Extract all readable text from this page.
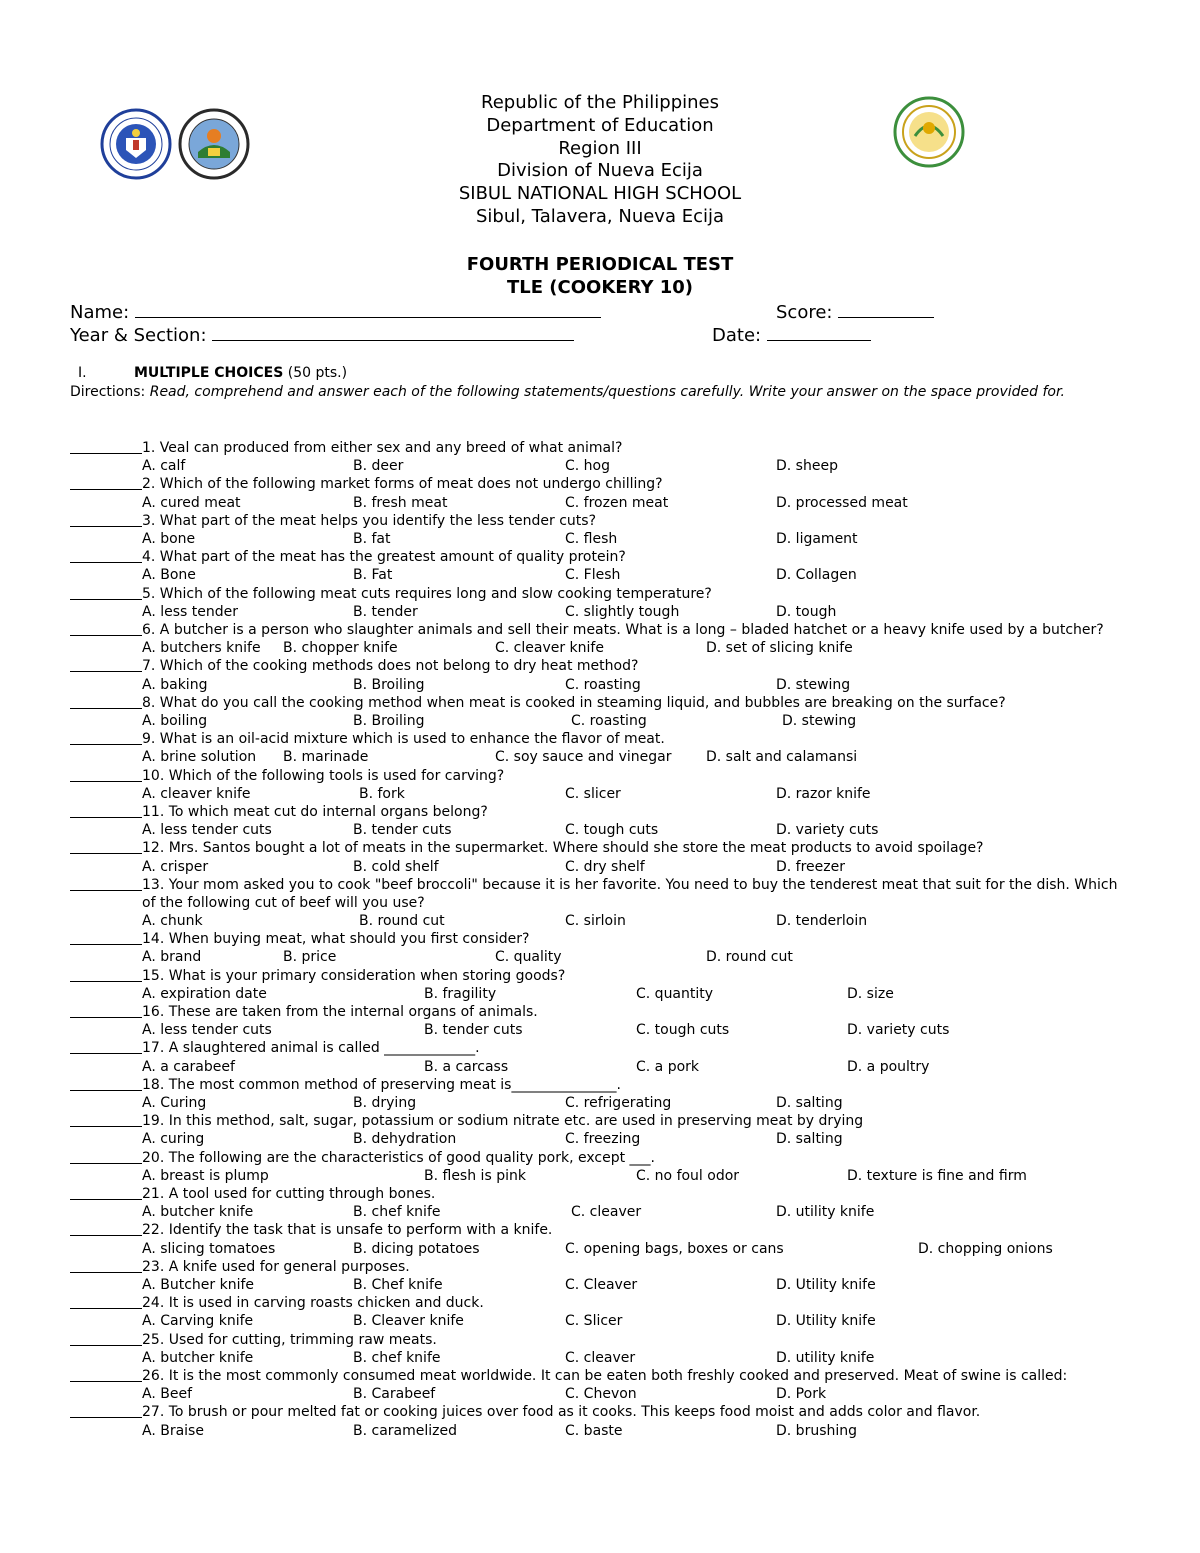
Republic of the Philippines
Department of Education
Region III
Division of Nueva Ecija
SIBUL NATIONAL HIGH SCHOOL
Sibul, Talavera, Nueva Ecija
FOURTH PERIODICAL TEST
TLE (COOKERY 10)
Name:	Score:
Year & Section:	Date:
I.	MULTIPLE CHOICES (50 pts.)
Directions: Read, comprehend and answer each of the following statements/questions carefully. Write your answer on the space provided for.
1. Veal can produced from either sex and any breed of what animal?
A. calf	B. deer	C. hog	D. sheep
2. Which of the following market forms of meat does not undergo chilling?
A. cured meat	B. fresh meat	C. frozen meat	D. processed meat
3. What part of the meat helps you identify the less tender cuts?
A. bone	B. fat	C. flesh	D. ligament
4. What part of the meat has the greatest amount of quality protein?
A. Bone	B. Fat	C. Flesh	D. Collagen
5. Which of the following meat cuts requires long and slow cooking temperature?
A. less tender	B. tender	C. slightly tough	D. tough
6. A butcher is a person who slaughter animals and sell their meats. What is a long – bladed hatchet or a heavy knife used by a butcher?
A. butchers knife B. chopper knife	C. cleaver knife	D. set of slicing knife
7. Which of the cooking methods does not belong to dry heat method?
A. baking	B. Broiling	C. roasting	D. stewing
8. What do you call the cooking method when meat is cooked in steaming liquid, and bubbles are breaking on the surface?
A. boiling	B. Broiling	C. roasting	D. stewing
9. What is an oil-acid mixture which is used to enhance the flavor of meat.
A. brine solution B. marinade	C. soy sauce and vinegar D. salt and calamansi
10. Which of the following tools is used for carving?
A. cleaver knife	B. fork	C. slicer	D. razor knife
11. To which meat cut do internal organs belong?
A. less tender cuts	B. tender cuts	C. tough cuts	D. variety cuts
12. Mrs. Santos bought a lot of meats in the supermarket. Where should she store the meat products to avoid spoilage?
A. crisper	B. cold shelf	C. dry shelf	D. freezer
13. Your mom asked you to cook "beef broccoli" because it is her favorite. You need to buy the tenderest meat that suit for the dish. Which of the following cut of beef will you use?
A. chunk	B. round cut	C. sirloin	D. tenderloin
14. When buying meat, what should you first consider?
A. brand	B. price	C. quality	D. round cut
15. What is your primary consideration when storing goods?
A. expiration date	B. fragility	C. quantity	D. size
16. These are taken from the internal organs of animals.
A. less tender cuts	B. tender cuts	C. tough cuts	D. variety cuts
17. A slaughtered animal is called _____________.
A. a carabeef	B. a carcass	C. a pork	D. a poultry
18. The most common method of preserving meat is_______________.
A. Curing	B. drying	C. refrigerating	D. salting
19. In this method, salt, sugar, potassium or sodium nitrate etc. are used in preserving meat by drying
A. curing	B. dehydration	C. freezing	D. salting
20. The following are the characteristics of good quality pork, except ___.
A. breast is plump	B. flesh is pink	C. no foul odor	D. texture is fine and firm
21. A tool used for cutting through bones.
A. butcher knife	B. chef knife	C. cleaver	D. utility knife
22. Identify the task that is unsafe to perform with a knife.
A. slicing tomatoes	B. dicing potatoes	C. opening bags, boxes or cans	D. chopping onions
23. A knife used for general purposes.
A. Butcher knife	B. Chef knife	C. Cleaver	D. Utility knife
24. It is used in carving roasts chicken and duck.
A. Carving knife	B. Cleaver knife	C. Slicer	D. Utility knife
25. Used for cutting, trimming raw meats.
A. butcher knife	B. chef knife	C. cleaver	D. utility knife
26. It is the most commonly consumed meat worldwide. It can be eaten both freshly cooked and preserved. Meat of swine is called:
A. Beef	B. Carabeef	C. Chevon	D. Pork
27. To brush or pour melted fat or cooking juices over food as it cooks. This keeps food moist and adds color and flavor.
A. Braise	B. caramelized	C. baste	D. brushing
